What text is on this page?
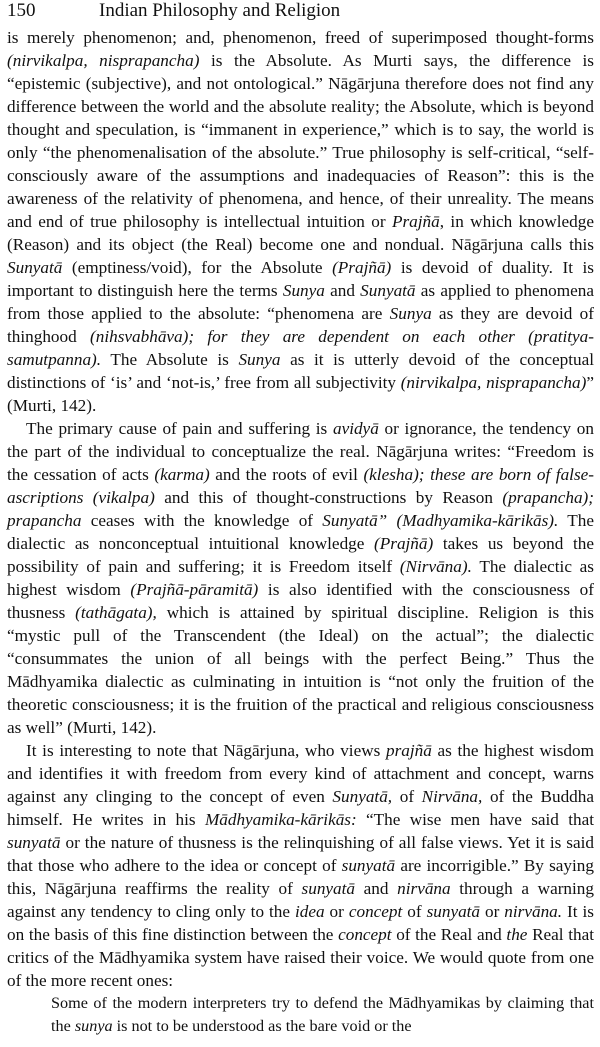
150	Indian Philosophy and Religion

is merely phenomenon; and, phenomenon, freed of superimposed thought-forms (nirvikalpa, nisprapancha) is the Absolute. As Murti says, the difference is “epistemic (subjective), and not ontological.” Nāgārjuna therefore does not find any difference between the world and the absolute reality; the Absolute, which is beyond thought and speculation, is “immanent in experience,” which is to say, the world is only “the phenomenalisation of the absolute.” True philosophy is self-critical, “self-consciously aware of the assumptions and inadequacies of Reason”: this is the awareness of the relativity of phenomena, and hence, of their unreality. The means and end of true philosophy is intellectual intuition or Prajñā, in which knowledge (Reason) and its object (the Real) become one and nondual. Nāgārjuna calls this Sunyatā (emptiness/void), for the Absolute (Prajñā) is devoid of duality. It is important to distinguish here the terms Sunya and Sunyatā as applied to phenomena from those applied to the absolute: “phenomena are Sunya as they are devoid of thinghood (nihsvabhāva); for they are dependent on each other (pratitya-samutpanna). The Absolute is Sunya as it is utterly devoid of the conceptual distinctions of ‘is’ and ‘not-is,’ free from all subjectivity (nirvikalpa, nisprapancha)” (Murti, 142).

The primary cause of pain and suffering is avidyā or ignorance, the tendency on the part of the individual to conceptualize the real. Nāgārjuna writes: “Freedom is the cessation of acts (karma) and the roots of evil (klesha); these are born of false-ascriptions (vikalpa) and this of thought-constructions by Reason (prapancha); prapancha ceases with the knowledge of Sunyatā” (Madhyamika-kārikās). The dialectic as nonconceptual intuitional knowledge (Prajñā) takes us beyond the possibility of pain and suffering; it is Freedom itself (Nirvāna). The dialectic as highest wisdom (Prajñā-pāramitā) is also identified with the consciousness of thusness (tathāgata), which is attained by spiritual discipline. Religion is this “mystic pull of the Transcendent (the Ideal) on the actual”; the dialectic “consummates the union of all beings with the perfect Being.” Thus the Mādhyamika dialectic as culminating in intuition is “not only the fruition of the theoretic consciousness; it is the fruition of the practical and religious consciousness as well” (Murti, 142).

It is interesting to note that Nāgārjuna, who views prajñā as the highest wisdom and identifies it with freedom from every kind of attachment and concept, warns against any clinging to the concept of even Sunyatā, of Nirvāna, of the Buddha himself. He writes in his Mādhyamika-kārikās: “The wise men have said that sunyatā or the nature of thusness is the relinquishing of all false views. Yet it is said that those who adhere to the idea or concept of sunyatā are incorrigible.” By saying this, Nāgārjuna reaffirms the reality of sunyatā and nirvāna through a warning against any tendency to cling only to the idea or concept of sunyatā or nirvāna. It is on the basis of this fine distinction between the concept of the Real and the Real that critics of the Mādhyamika system have raised their voice. We would quote from one of the more recent ones:

Some of the modern interpreters try to defend the Mādhyamikas by claiming that the sunya is not to be understood as the bare void or the
